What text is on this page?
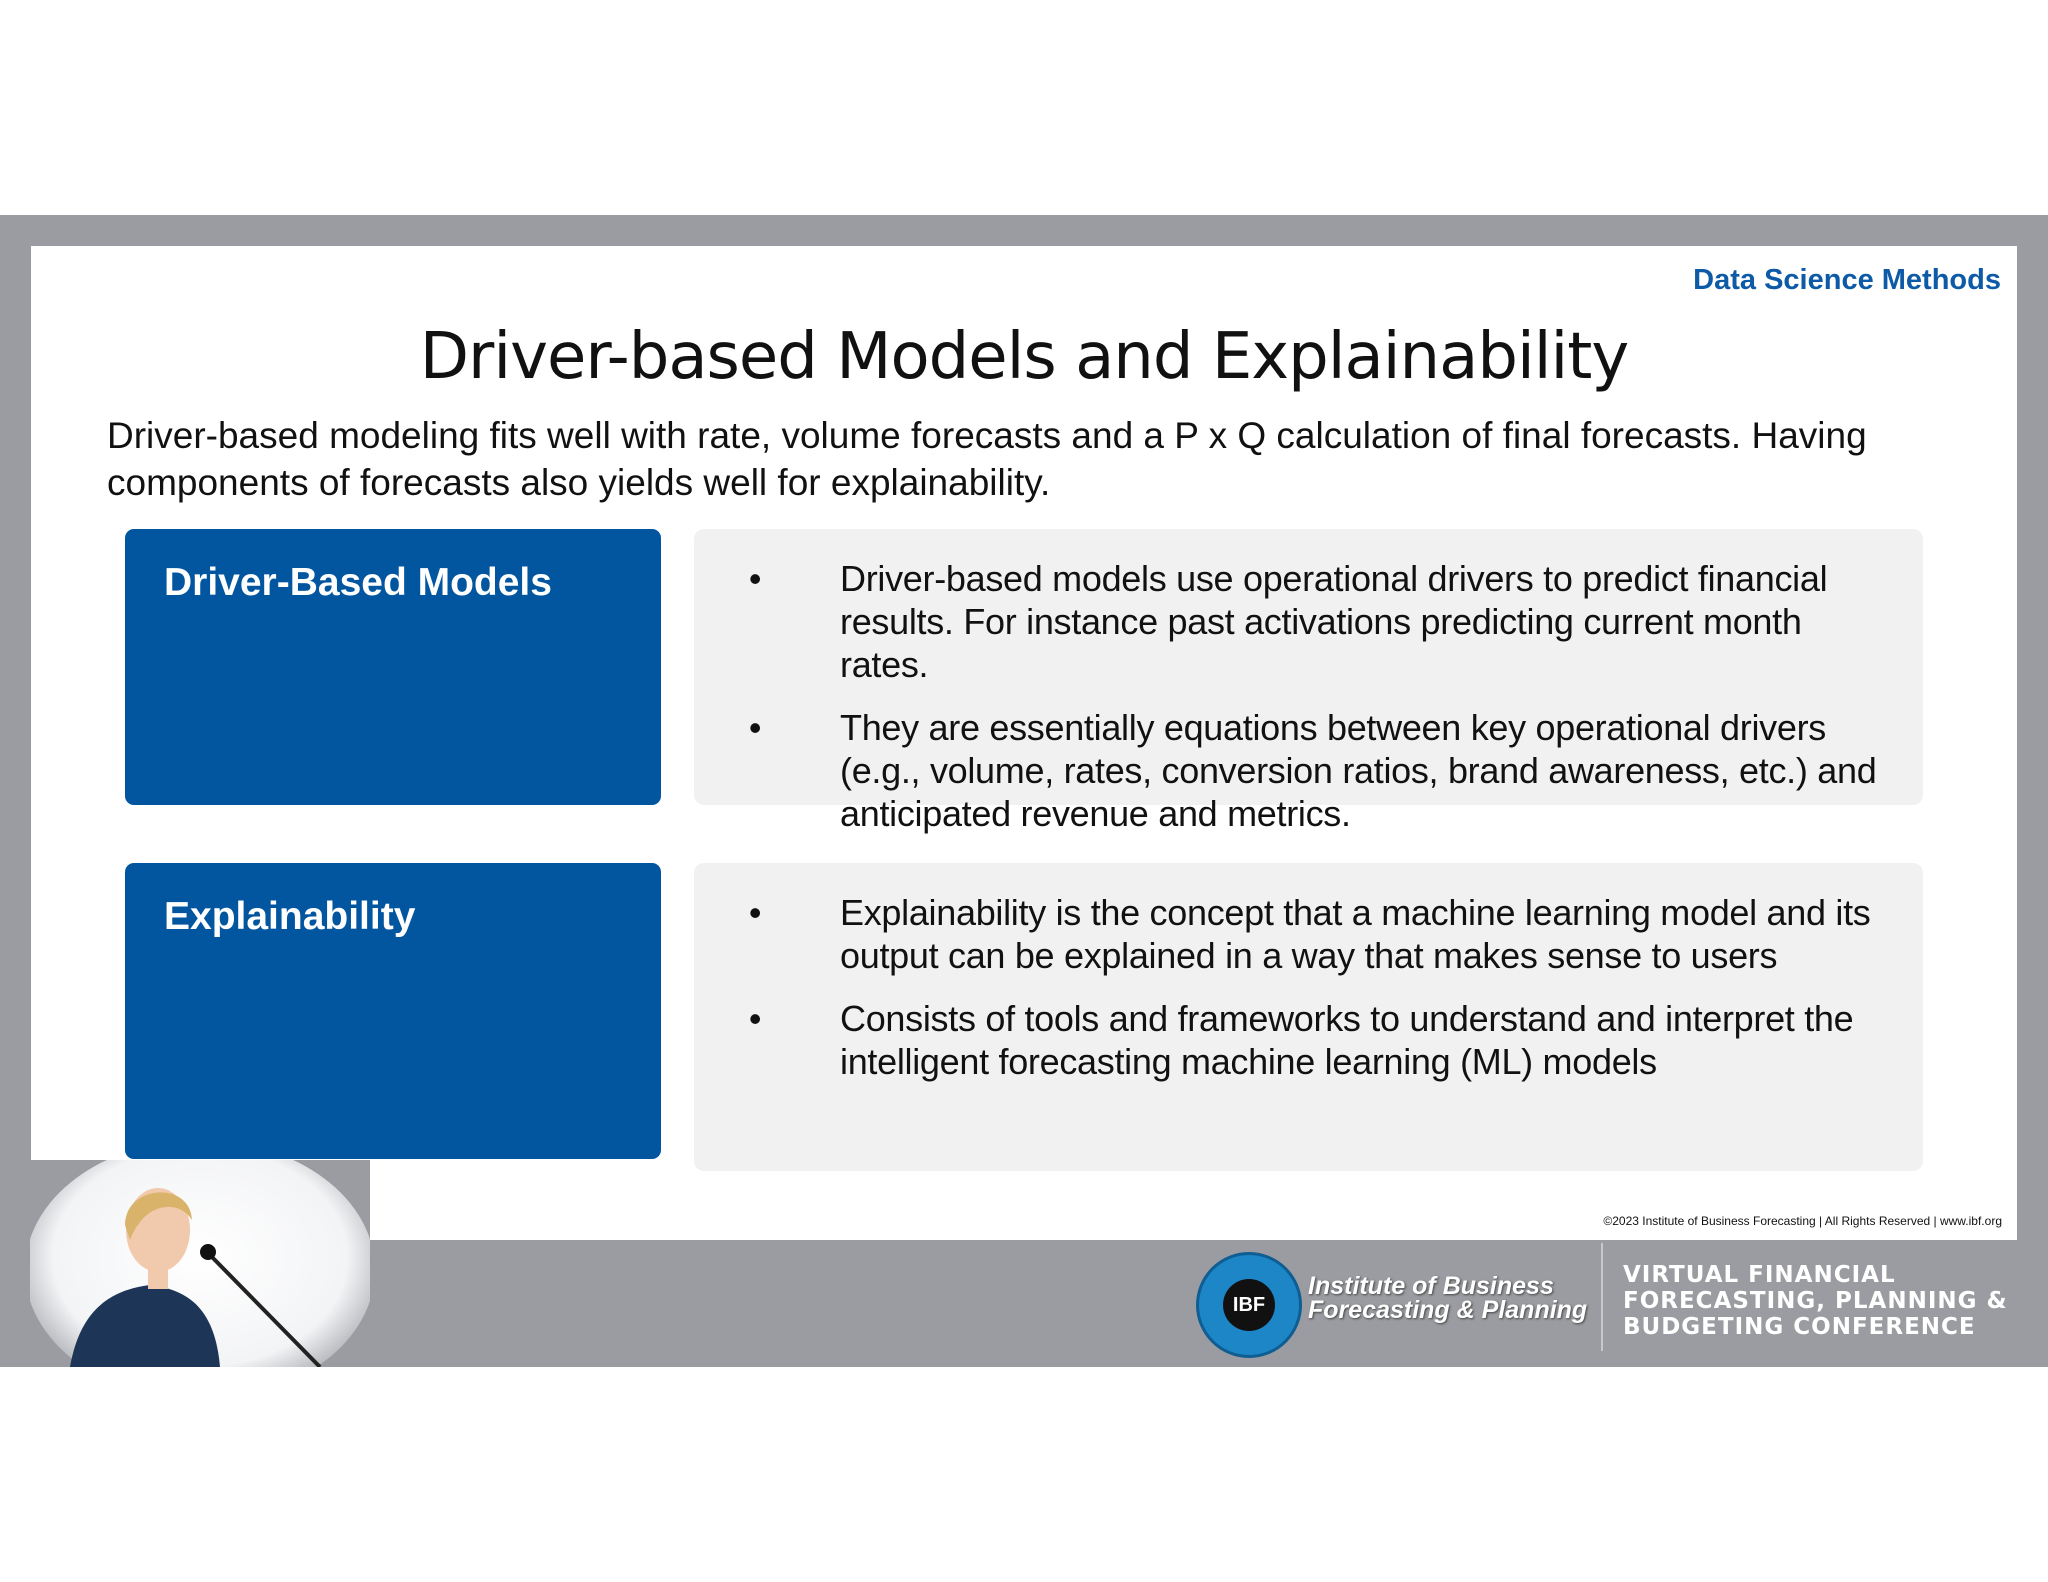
Data Science Methods
Driver-based Models and Explainability
Driver-based modeling fits well with rate, volume forecasts and a P x Q calculation of final forecasts. Having components of forecasts also yields well for explainability.
Driver-Based Models	• Driver-based models use operational drivers to predict financial results. For instance past activations predicting current month rates.
• They are essentially equations between key operational drivers (e.g., volume, rates, conversion ratios, brand awareness, etc.) and anticipated revenue and metrics.
Explainability	• Explainability is the concept that a machine learning model and its output can be explained in a way that makes sense to users
• Consists of tools and frameworks to understand and interpret the intelligent forecasting machine learning (ML) models
©2023 Institute of Business Forecasting | All Rights Reserved | www.ibf.org
IBF
Institute of Business
Forecasting & Planning
VIRTUAL FINANCIAL
FORECASTING, PLANNING &
BUDGETING CONFERENCE
